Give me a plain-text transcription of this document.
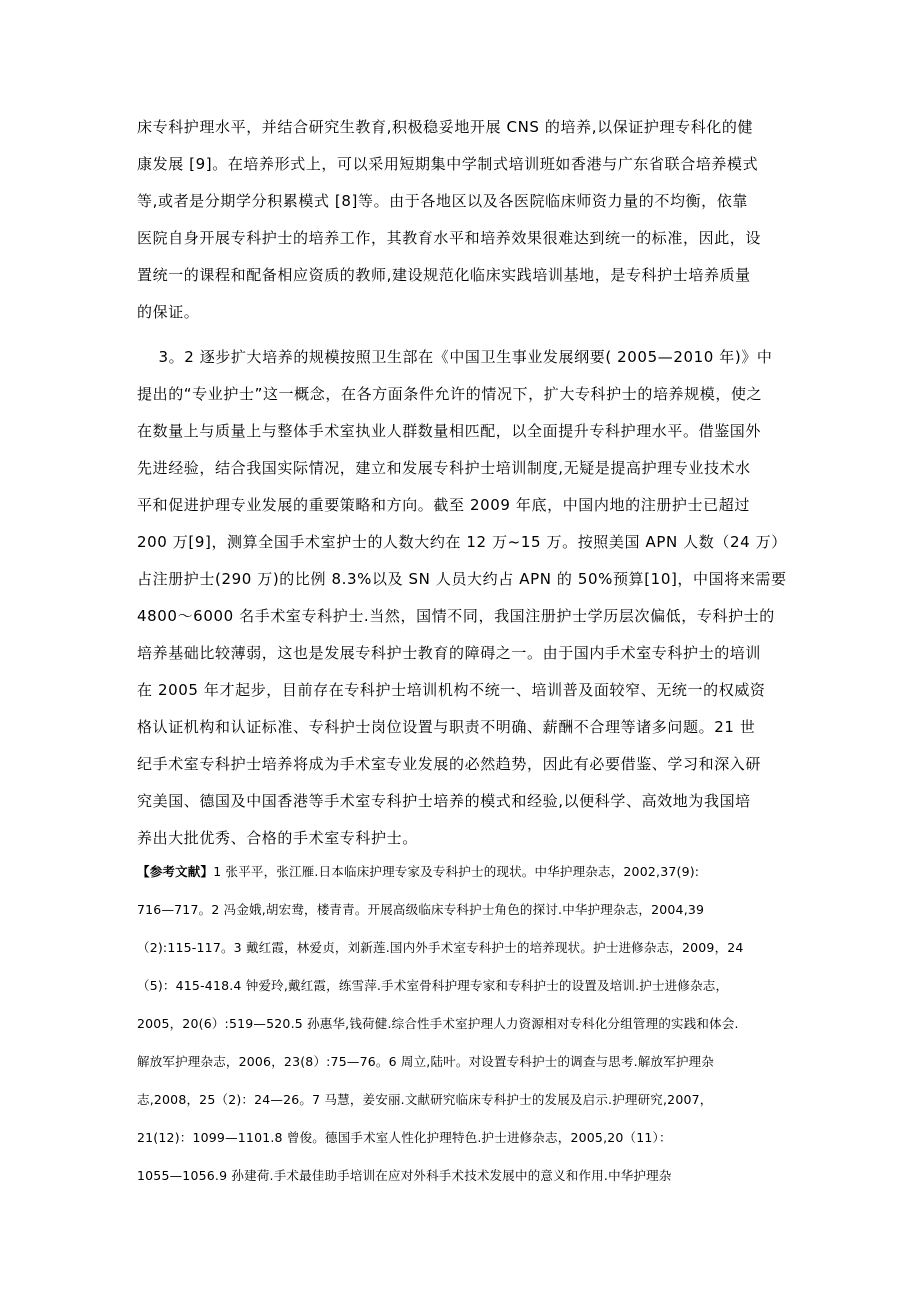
床专科护理水平，并结合研究生教育,积极稳妥地开展 CNS 的培养,以保证护理专科化的健
康发展 [9]。在培养形式上，可以采用短期集中学制式培训班如香港与广东省联合培养模式
等,或者是分期学分积累模式 [8]等。由于各地区以及各医院临床师资力量的不均衡，依靠
医院自身开展专科护士的培养工作，其教育水平和培养效果很难达到统一的标准，因此，设
置统一的课程和配备相应资质的教师,建设规范化临床实践培训基地，是专科护士培养质量
的保证。
3。2 逐步扩大培养的规模按照卫生部在《中国卫生事业发展纲要( 2005—2010 年)》中
提出的“专业护士”这一概念，在各方面条件允许的情况下，扩大专科护士的培养规模，使之
在数量上与质量上与整体手术室执业人群数量相匹配，以全面提升专科护理水平。借鉴国外
先进经验，结合我国实际情况，建立和发展专科护士培训制度,无疑是提高护理专业技术水
平和促进护理专业发展的重要策略和方向。截至 2009 年底，中国内地的注册护士已超过
200 万[9]，测算全国手术室护士的人数大约在 12 万~15 万。按照美国 APN 人数（24 万）
占注册护士(290 万)的比例 8.3%以及 SN 人员大约占 APN 的 50%预算[10]，中国将来需要
4800～6000 名手术室专科护士.当然，国情不同，我国注册护士学历层次偏低，专科护士的
培养基础比较薄弱，这也是发展专科护士教育的障碍之一。由于国内手术室专科护士的培训
在 2005 年才起步，目前存在专科护士培训机构不统一、培训普及面较窄、无统一的权威资
格认证机构和认证标准、专科护士岗位设置与职责不明确、薪酬不合理等诸多问题。21 世
纪手术室专科护士培养将成为手术室专业发展的必然趋势，因此有必要借鉴、学习和深入研
究美国、德国及中国香港等手术室专科护士培养的模式和经验,以便科学、高效地为我国培
养出大批优秀、合格的手术室专科护士。
【参考文献】1 张平平，张江雁.日本临床护理专家及专科护士的现状。中华护理杂志，2002,37(9):
716—717。2 冯金娥,胡宏鸯，楼青青。开展高级临床专科护士角色的探讨.中华护理杂志，2004,39
（2):115-117。3 戴红霞，林爱贞，刘新莲.国内外手术室专科护士的培养现状。护士进修杂志，2009，24
（5)：415-418.4 钟爱玲,戴红霞，练雪萍.手术室骨科护理专家和专科护士的设置及培训.护士进修杂志，
2005，20(6）:519—520.5 孙惠华,钱荷健.综合性手术室护理人力资源相对专科化分组管理的实践和体会.
解放军护理杂志，2006，23(8）:75—76。6 周立,陆叶。对设置专科护士的调查与思考.解放军护理杂
志,2008，25（2)：24—26。7 马慧，姜安丽.文献研究临床专科护士的发展及启示.护理研究,2007，
21(12)：1099—1101.8 曾俊。德国手术室人性化护理特色.护士进修杂志，2005,20（11）：
1055—1056.9 孙建荷.手术最佳助手培训在应对外科手术技术发展中的意义和作用.中华护理杂
